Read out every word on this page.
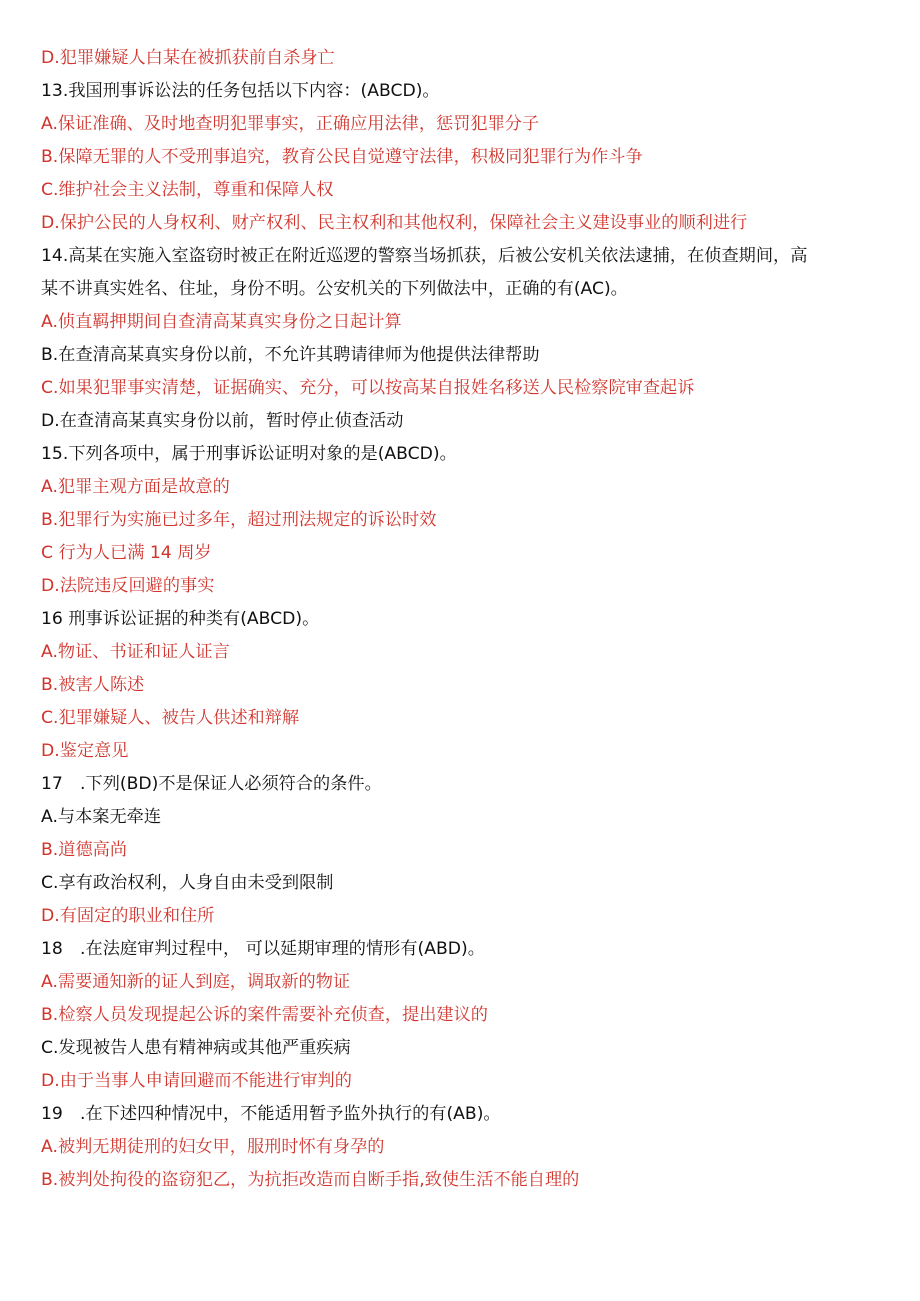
D.犯罪嫌疑人白某在被抓获前自杀身亡
13.我国刑事诉讼法的任务包括以下内容：(ABCD)。
A.保证准确、及时地查明犯罪事实，正确应用法律，惩罚犯罪分子
B.保障无罪的人不受刑事追究，教育公民自觉遵守法律，积极同犯罪行为作斗争
C.维护社会主义法制，尊重和保障人权
D.保护公民的人身权利、财产权利、民主权利和其他权利，保障社会主义建设事业的顺利进行
14.高某在实施入室盗窃时被正在附近巡逻的警察当场抓获，后被公安机关依法逮捕，在侦查期间，高
某不讲真实姓名、住址，身份不明。公安机关的下列做法中，正确的有(AC)。
A.侦直羁押期间自查清高某真实身份之日起计算
B.在查清高某真实身份以前，不允许其聘请律师为他提供法律帮助
C.如果犯罪事实清楚，证据确实、充分，可以按高某自报姓名移送人民检察院审查起诉
D.在查清高某真实身份以前，暂时停止侦查活动
15.下列各项中，属于刑事诉讼证明对象的是(ABCD)。
A.犯罪主观方面是故意的
B.犯罪行为实施已过多年，超过刑法规定的诉讼时效
C 行为人已满 14 周岁
D.法院违反回避的事实
16 刑事诉讼证据的种类有(ABCD)。
A.物证、书证和证人证言
B.被害人陈述
C.犯罪嫌疑人、被告人供述和辩解
D.鉴定意见
17　.下列(BD)不是保证人必须符合的条件。
A.与本案无牵连
B.道德高尚
C.享有政治权利，人身自由未受到限制
D.有固定的职业和住所
18　.在法庭审判过程中， 可以延期审理的情形有(ABD)。
A.需要通知新的证人到庭，调取新的物证
B.检察人员发现提起公诉的案件需要补充侦查，提出建议的
C.发现被告人患有精神病或其他严重疾病
D.由于当事人申请回避而不能进行审判的
19　.在下述四种情况中，不能适用暂予监外执行的有(AB)。
A.被判无期徒刑的妇女甲，服刑时怀有身孕的
B.被判处拘役的盗窃犯乙，为抗拒改造而自断手指,致使生活不能自理的
